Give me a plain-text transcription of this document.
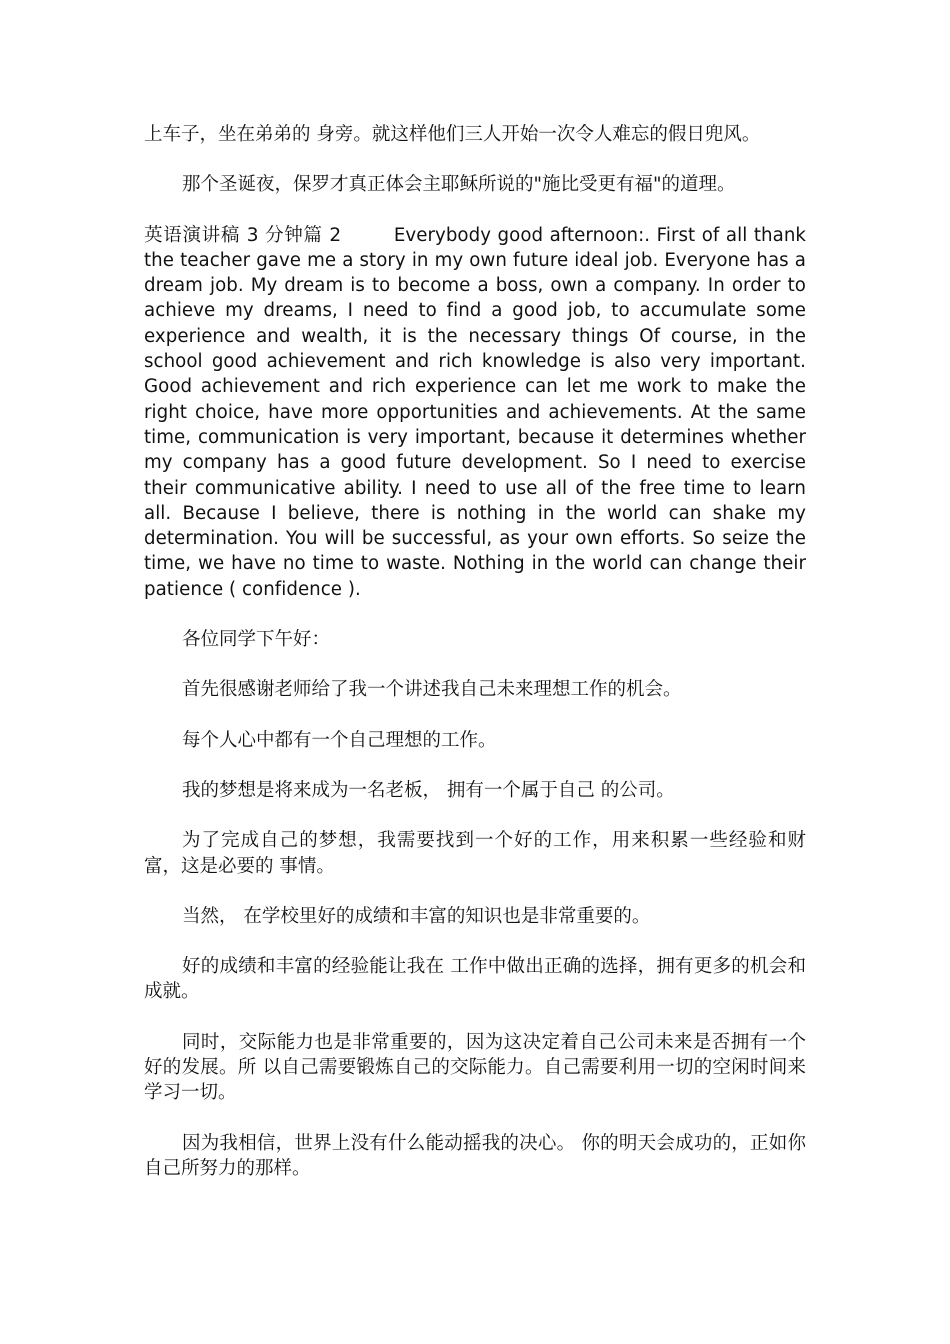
上车子，坐在弟弟的 身旁。就这样他们三人开始一次令人难忘的假日兜风。

那个圣诞夜，保罗才真正体会主耶稣所说的"施比受更有福"的道理。

英语演讲稿 3 分钟篇 2	Everybody good afternoon:. First of all thank the teacher gave me a story in my own future ideal job. Everyone has a dream job. My dream is to become a boss, own a company. In order to achieve my dreams, I need to find a good job, to accumulate some experience and wealth, it is the necessary things Of course, in the school good achievement and rich knowledge is also very important. Good achievement and rich experience can let me work to make the right choice, have more opportunities and achievements. At the same time, communication is very important, because it determines whether my company has a good future development. So I need to exercise their communicative ability. I need to use all of the free time to learn all. Because I believe, there is nothing in the world can shake my determination. You will be successful, as your own efforts. So seize the time, we have no time to waste. Nothing in the world can change their patience ( confidence ).

各位同学下午好：

首先很感谢老师给了我一个讲述我自己未来理想工作的机会。

每个人心中都有一个自己理想的工作。

我的梦想是将来成为一名老板， 拥有一个属于自己 的公司。

为了完成自己的梦想，我需要找到一个好的工作，用来积累一些经验和财富，这是必要的 事情。

当然， 在学校里好的成绩和丰富的知识也是非常重要的。

好的成绩和丰富的经验能让我在 工作中做出正确的选择，拥有更多的机会和成就。

同时，交际能力也是非常重要的，因为这决定着自己公司未来是否拥有一个好的发展。所 以自己需要锻炼自己的交际能力。自己需要利用一切的空闲时间来学习一切。

因为我相信，世界上没有什么能动摇我的决心。 你的明天会成功的，正如你自己所努力的那样。
